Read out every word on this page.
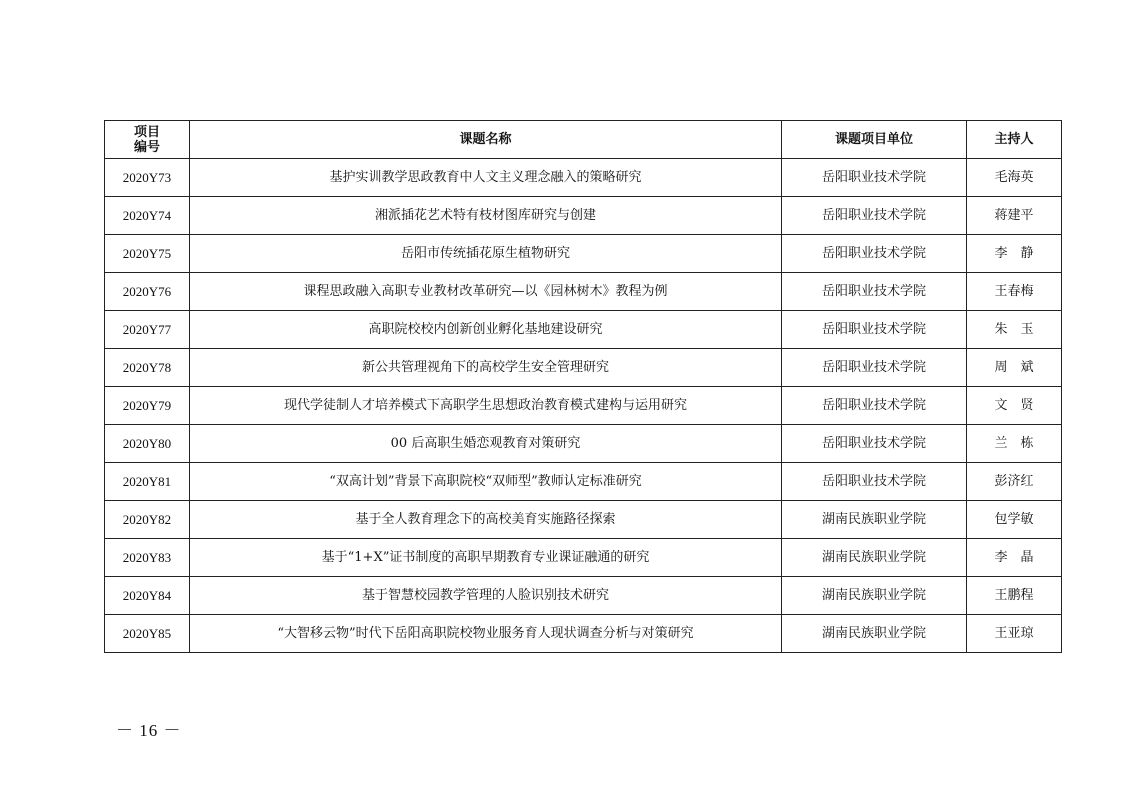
项目
编号	课题名称	课题项目单位	主持人
2020Y73	基护实训教学思政教育中人文主义理念融入的策略研究	岳阳职业技术学院	毛海英
2020Y74	湘派插花艺术特有枝材图库研究与创建	岳阳职业技术学院	蒋建平
2020Y75	岳阳市传统插花原生植物研究	岳阳职业技术学院	李　静
2020Y76	课程思政融入高职专业教材改革研究—以《园林树木》教程为例	岳阳职业技术学院	王春梅
2020Y77	高职院校校内创新创业孵化基地建设研究	岳阳职业技术学院	朱　玉
2020Y78	新公共管理视角下的高校学生安全管理研究	岳阳职业技术学院	周　斌
2020Y79	现代学徒制人才培养模式下高职学生思想政治教育模式建构与运用研究	岳阳职业技术学院	文　贤
2020Y80	00 后高职生婚恋观教育对策研究	岳阳职业技术学院	兰　栋
2020Y81	“双高计划”背景下高职院校“双师型”教师认定标准研究	岳阳职业技术学院	彭济红
2020Y82	基于全人教育理念下的高校美育实施路径探索	湖南民族职业学院	包学敏
2020Y83	基于“1+X”证书制度的高职早期教育专业课证融通的研究	湖南民族职业学院	李　晶
2020Y84	基于智慧校园教学管理的人脸识别技术研究	湖南民族职业学院	王鹏程
2020Y85	“大智移云物”时代下岳阳高职院校物业服务育人现状调查分析与对策研究	湖南民族职业学院	王亚琼
－ 16 －
